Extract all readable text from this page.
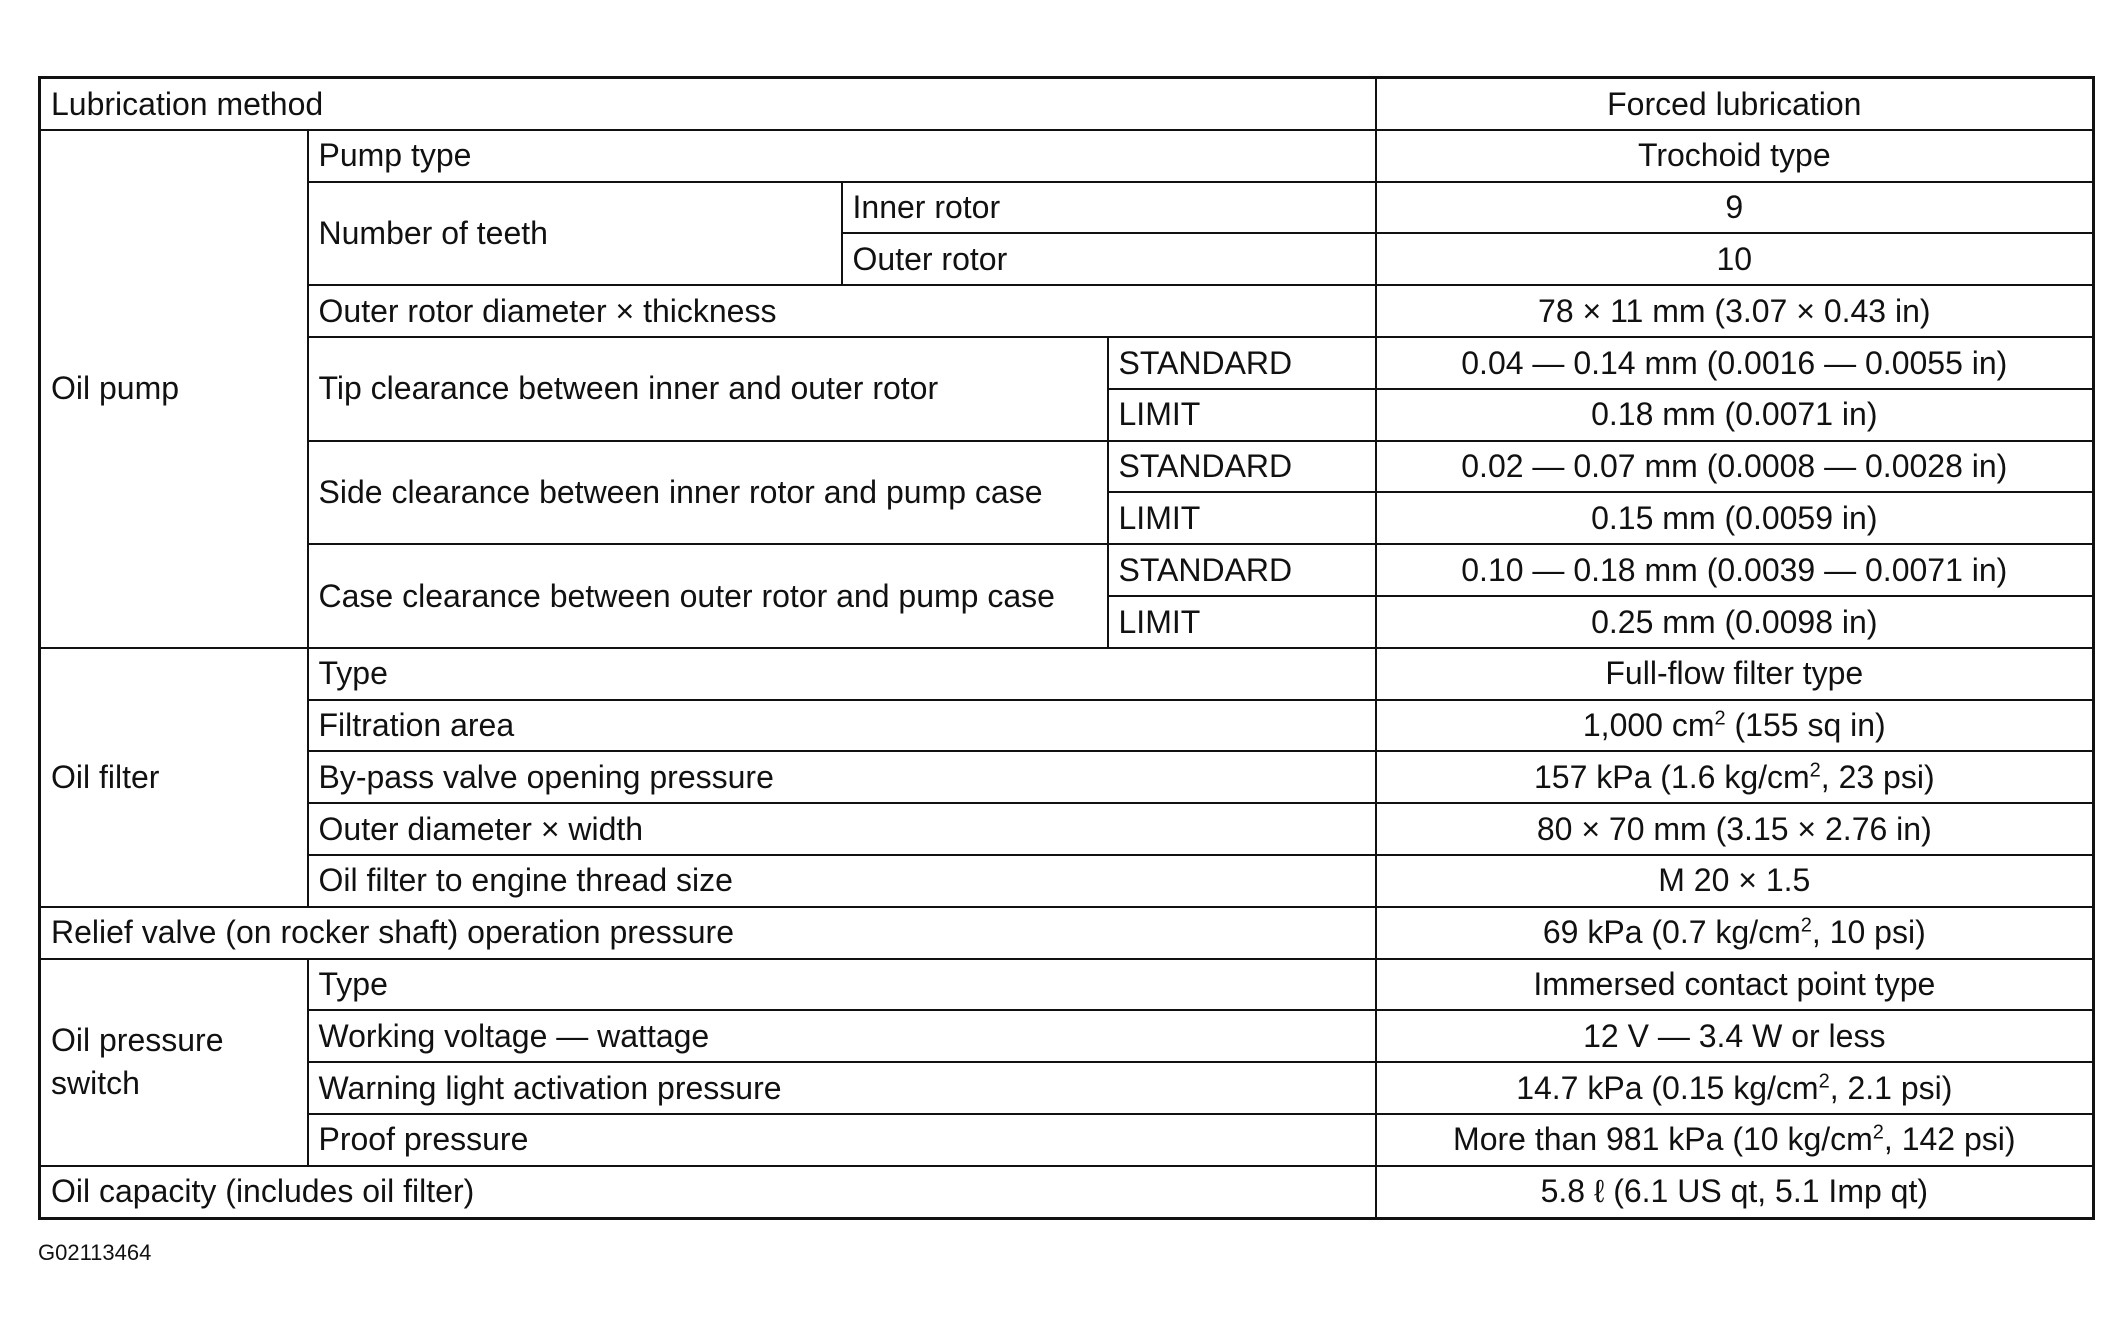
Lubrication method				Forced lubrication
Oil pump	Pump type			Trochoid type
	Number of teeth	Inner rotor		9
		Outer rotor		10
	Outer rotor diameter × thickness			78 × 11 mm (3.07 × 0.43 in)
	Tip clearance between inner and outer rotor		STANDARD	0.04 — 0.14 mm (0.0016 — 0.0055 in)
			LIMIT	0.18 mm (0.0071 in)
	Side clearance between inner rotor and pump case		STANDARD	0.02 — 0.07 mm (0.0008 — 0.0028 in)
			LIMIT	0.15 mm (0.0059 in)
	Case clearance between outer rotor and pump case		STANDARD	0.10 — 0.18 mm (0.0039 — 0.0071 in)
			LIMIT	0.25 mm (0.0098 in)
Oil filter	Type			Full-flow filter type
	Filtration area			1,000 $cm^2$ (155 sq in)
	By-pass valve opening pressure			157 kPa (1.6 $kg/cm^2$, 23 psi)
	Outer diameter × width			80 × 70 mm (3.15 × 2.76 in)
	Oil filter to engine thread size			M 20 × 1.5
Relief valve (on rocker shaft) operation pressure				69 kPa (0.7 $kg/cm^2$, 10 psi)
Oil pressure switch	Type			Immersed contact point type
	Working voltage — wattage			12 V — 3.4 W or less
	Warning light activation pressure			14.7 kPa (0.15 $kg/cm^2$, 2.1 psi)
	Proof pressure			More than 981 kPa (10 $kg/cm^2$, 142 psi)
Oil capacity (includes oil filter)				5.8 ℓ (6.1 US qt, 5.1 Imp qt)
G02113464
